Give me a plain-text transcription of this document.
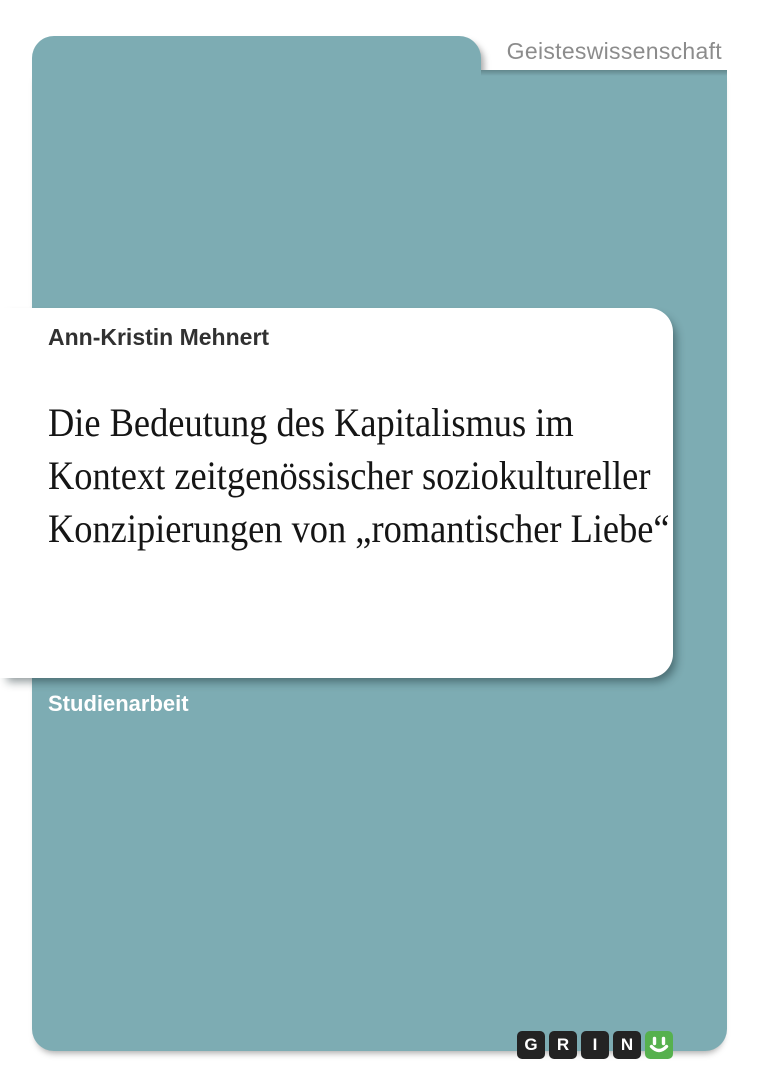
Geisteswissenschaft
Ann-Kristin Mehnert
Die Bedeutung des Kapitalismus im
Kontext zeitgenössischer soziokultureller
Konzipierungen von „romantischer Liebe“
Studienarbeit
G R I N
